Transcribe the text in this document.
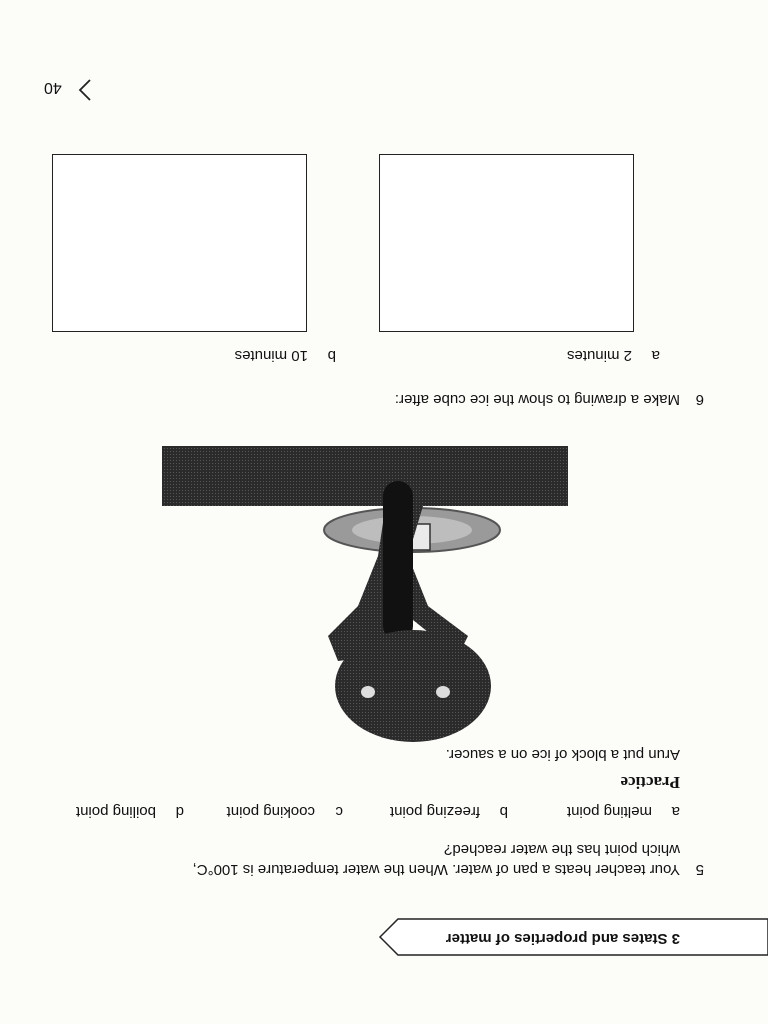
3 States and properties of matter
5
Your teacher heats a pan of water. When the water temperature is 100°C,
which point has the water reached?
amelting point
bfreezing point
ccooking point
dboiling point
Practice
Arun put a block of ice on a saucer.
6
Make a drawing to show the ice cube after:
a2 minutes
b10 minutes
40
